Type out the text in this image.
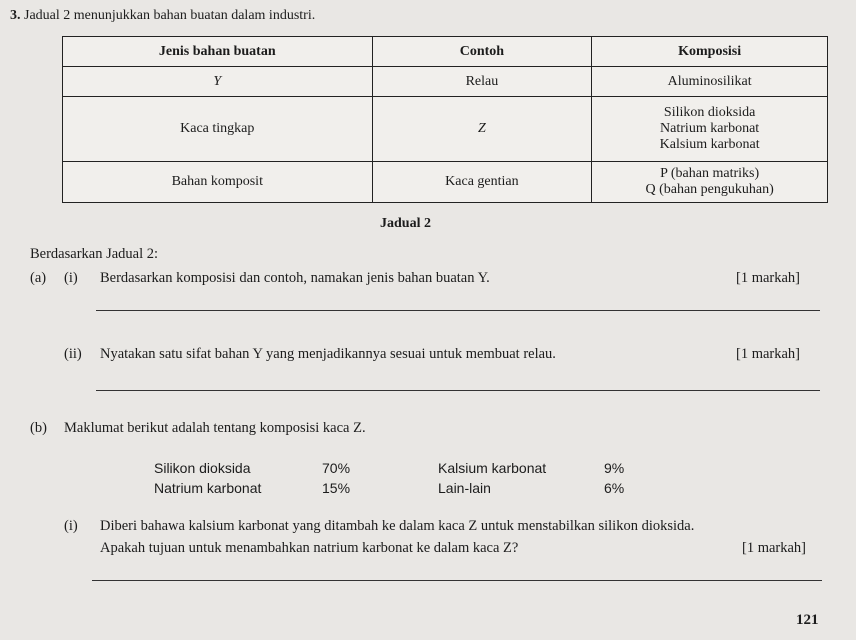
3. Jadual 2 menunjukkan bahan buatan dalam industri.
Jenis bahan buatan	Contoh	Komposisi
Y	Relau	Aluminosilikat
Kaca tingkap	Z	Silikon dioksida
Natrium karbonat
Kalsium karbonat

Bahan komposit	Kaca gentian	P (bahan matriks)
Q (bahan pengukuhan)
Jadual 2
Berdasarkan Jadual 2:
(a) (i) Berdasarkan komposisi dan contoh, namakan jenis bahan buatan Y.	[1 markah]
(ii) Nyatakan satu sifat bahan Y yang menjadikannya sesuai untuk membuat relau.	[1 markah]
(b) Maklumat berikut adalah tentang komposisi kaca Z.
Silikon dioksida	70%
Natrium karbonat	15%
Kalsium karbonat	9%
Lain-lain	6%
(i) Diberi bahawa kalsium karbonat yang ditambah ke dalam kaca Z untuk menstabilkan silikon dioksida.
Apakah tujuan untuk menambahkan natrium karbonat ke dalam kaca Z?	[1 markah]
121
